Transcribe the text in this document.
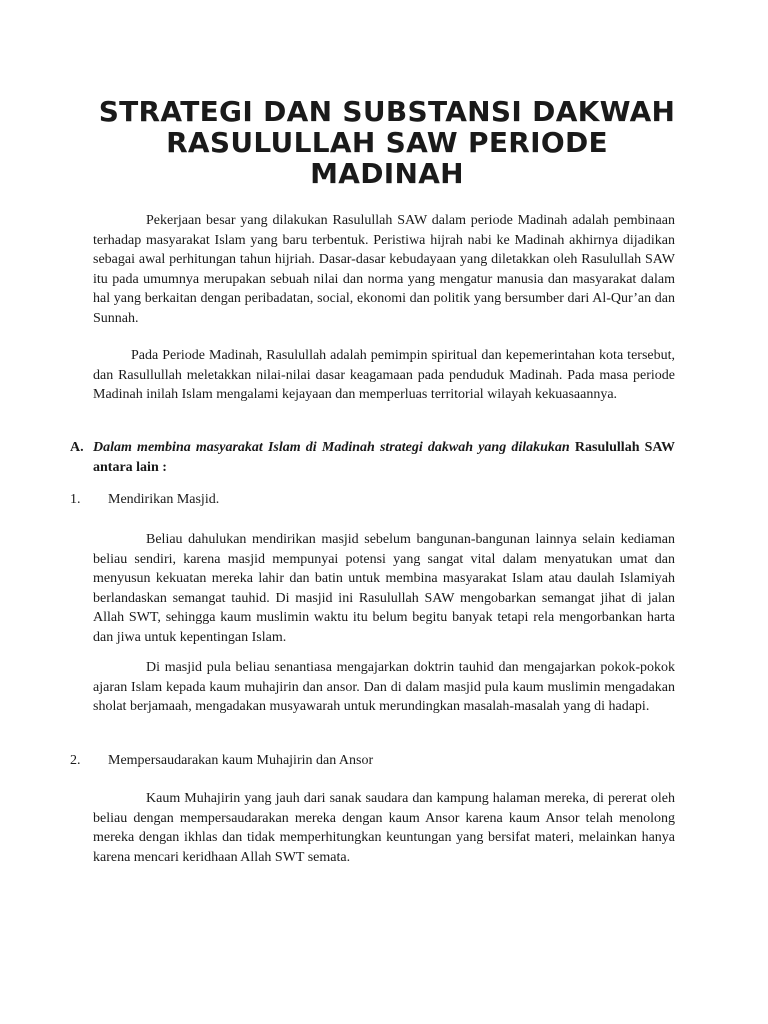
STRATEGI DAN SUBSTANSI DAKWAH
RASULULLAH SAW PERIODE
MADINAH

Pekerjaan besar yang dilakukan Rasulullah SAW dalam periode Madinah adalah pembinaan terhadap masyarakat Islam yang baru terbentuk. Peristiwa hijrah nabi ke Madinah akhirnya dijadikan sebagai awal perhitungan tahun hijriah. Dasar-dasar kebudayaan yang diletakkan oleh Rasulullah SAW itu pada umumnya merupakan sebuah nilai dan norma yang mengatur manusia dan masyarakat dalam hal yang berkaitan dengan peribadatan, social, ekonomi dan politik yang bersumber dari Al-Qur’an dan Sunnah.

Pada Periode Madinah, Rasulullah adalah pemimpin spiritual dan kepemerintahan kota tersebut, dan Rasullullah meletakkan nilai-nilai dasar keagamaan pada penduduk Madinah. Pada masa periode Madinah inilah Islam mengalami kejayaan dan memperluas territorial wilayah kekuasaannya.

A. Dalam membina masyarakat Islam di Madinah strategi dakwah yang dilakukan Rasulullah SAW antara lain :
1. Mendirikan Masjid.

Beliau dahulukan mendirikan masjid sebelum bangunan-bangunan lainnya selain kediaman beliau sendiri, karena masjid mempunyai potensi yang sangat vital dalam menyatukan umat dan menyusun kekuatan mereka lahir dan batin untuk membina masyarakat Islam atau daulah Islamiyah berlandaskan semangat tauhid. Di masjid ini Rasulullah SAW mengobarkan semangat jihat di jalan Allah SWT, sehingga kaum muslimin waktu itu belum begitu banyak tetapi rela mengorbankan harta dan jiwa untuk kepentingan Islam.

Di masjid pula beliau senantiasa mengajarkan doktrin tauhid dan mengajarkan pokok-pokok ajaran Islam kepada kaum muhajirin dan ansor. Dan di dalam masjid pula kaum muslimin mengadakan sholat berjamaah, mengadakan musyawarah untuk merundingkan masalah-masalah yang di hadapi.

2. Mempersaudarakan kaum Muhajirin dan Ansor

Kaum Muhajirin yang jauh dari sanak saudara dan kampung halaman mereka, di pererat oleh beliau dengan mempersaudarakan mereka dengan kaum Ansor karena kaum Ansor telah menolong mereka dengan ikhlas dan tidak memperhitungkan keuntungan yang bersifat materi, melainkan hanya karena mencari keridhaan Allah SWT semata.
